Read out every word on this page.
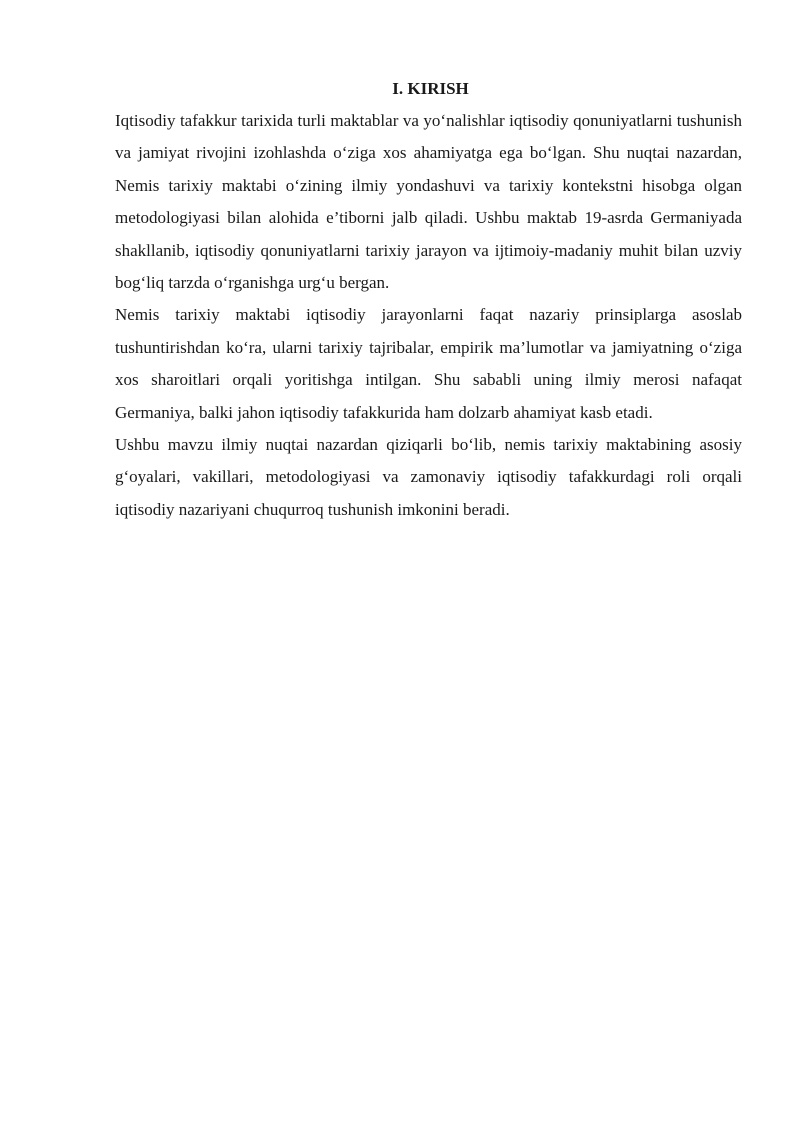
I. KIRISH

Iqtisodiy tafakkur tarixida turli maktablar va yo‘nalishlar iqtisodiy qonuniyatlarni tushunish va jamiyat rivojini izohlashda o‘ziga xos ahamiyatga ega bo‘lgan. Shu nuqtai nazardan, Nemis tarixiy maktabi o‘zining ilmiy yondashuvi va tarixiy kontekstni hisobga olgan metodologiyasi bilan alohida e’tiborni jalb qiladi. Ushbu maktab 19-asrda Germaniyada shakllanib, iqtisodiy qonuniyatlarni tarixiy jarayon va ijtimoiy-madaniy muhit bilan uzviy bog‘liq tarzda o‘rganishga urg‘u bergan.

Nemis tarixiy maktabi iqtisodiy jarayonlarni faqat nazariy prinsiplarga asoslab tushuntirishdan ko‘ra, ularni tarixiy tajribalar, empirik ma’lumotlar va jamiyatning o‘ziga xos sharoitlari orqali yoritishga intilgan. Shu sababli uning ilmiy merosi nafaqat Germaniya, balki jahon iqtisodiy tafakkurida ham dolzarb ahamiyat kasb etadi.

Ushbu mavzu ilmiy nuqtai nazardan qiziqarli bo‘lib, nemis tarixiy maktabining asosiy g‘oyalari, vakillari, metodologiyasi va zamonaviy iqtisodiy tafakkurdagi roli orqali iqtisodiy nazariyani chuqurroq tushunish imkonini beradi.
